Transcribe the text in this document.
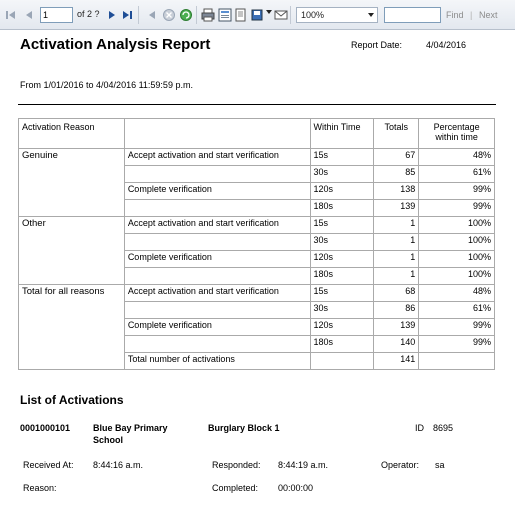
1
of 2 ?	100%	Find | Next
Activation Analysis Report	Report Date:	4/04/2016
From 1/01/2016 to 4/04/2016 11:59:59 p.m.
Activation Reason		Within Time	Totals	Percentage
within time
Genuine	Accept activation and start verification	15s	67	48%
		30s	85	61%
	Complete verification	120s	138	99%
		180s	139	99%
Other	Accept activation and start verification	15s	1	100%
		30s	1	100%
	Complete verification	120s	1	100%
		180s	1	100%
Total for all reasons	Accept activation and start verification	15s	68	48%
		30s	86	61%
	Complete verification	120s	139	99%
		180s	140	99%
	Total number of activations		141	
List of Activations
0001000101	Blue Bay Primary
School
Burglary Block 1	ID 8695
Received At: 8:44:16 a.m.	Responded: 8:44:19 a.m.	Operator: sa
Reason:	Completed: 00:00:00
